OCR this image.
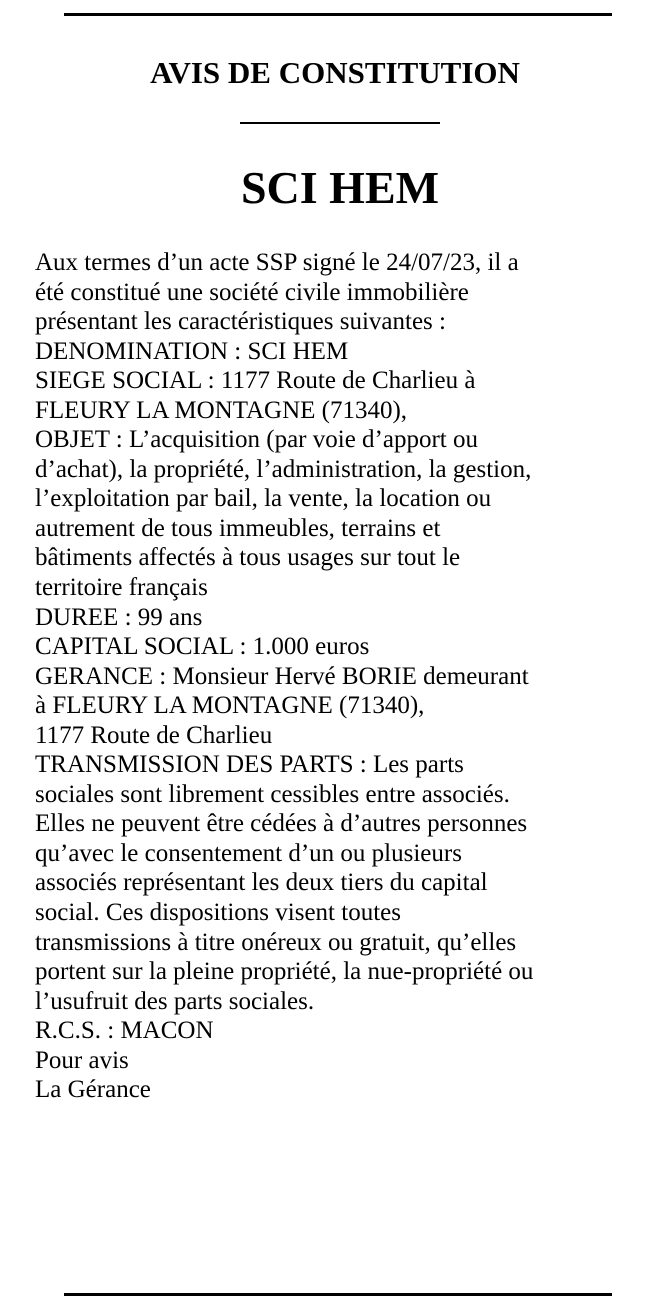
AVIS DE CONSTITUTION
SCI HEM
Aux termes d’un acte SSP signé le 24/07/23, il a
été constitué une société civile immobilière
présentant les caractéristiques suivantes :
DENOMINATION : SCI HEM
SIEGE SOCIAL : 1177 Route de Charlieu à
FLEURY LA MONTAGNE (71340),
OBJET : L’acquisition (par voie d’apport ou
d’achat), la propriété, l’administration, la gestion,
l’exploitation par bail, la vente, la location ou
autrement de tous immeubles, terrains et
bâtiments affectés à tous usages sur tout le
territoire français
DUREE : 99 ans
CAPITAL SOCIAL : 1.000 euros
GERANCE : Monsieur Hervé BORIE demeurant
à FLEURY LA MONTAGNE (71340),
1177 Route de Charlieu
TRANSMISSION DES PARTS : Les parts
sociales sont librement cessibles entre associés.
Elles ne peuvent être cédées à d’autres personnes
qu’avec le consentement d’un ou plusieurs
associés représentant les deux tiers du capital
social. Ces dispositions visent toutes
transmissions à titre onéreux ou gratuit, qu’elles
portent sur la pleine propriété, la nue-propriété ou
l’usufruit des parts sociales.
R.C.S. : MACON
Pour avis
La Gérance
